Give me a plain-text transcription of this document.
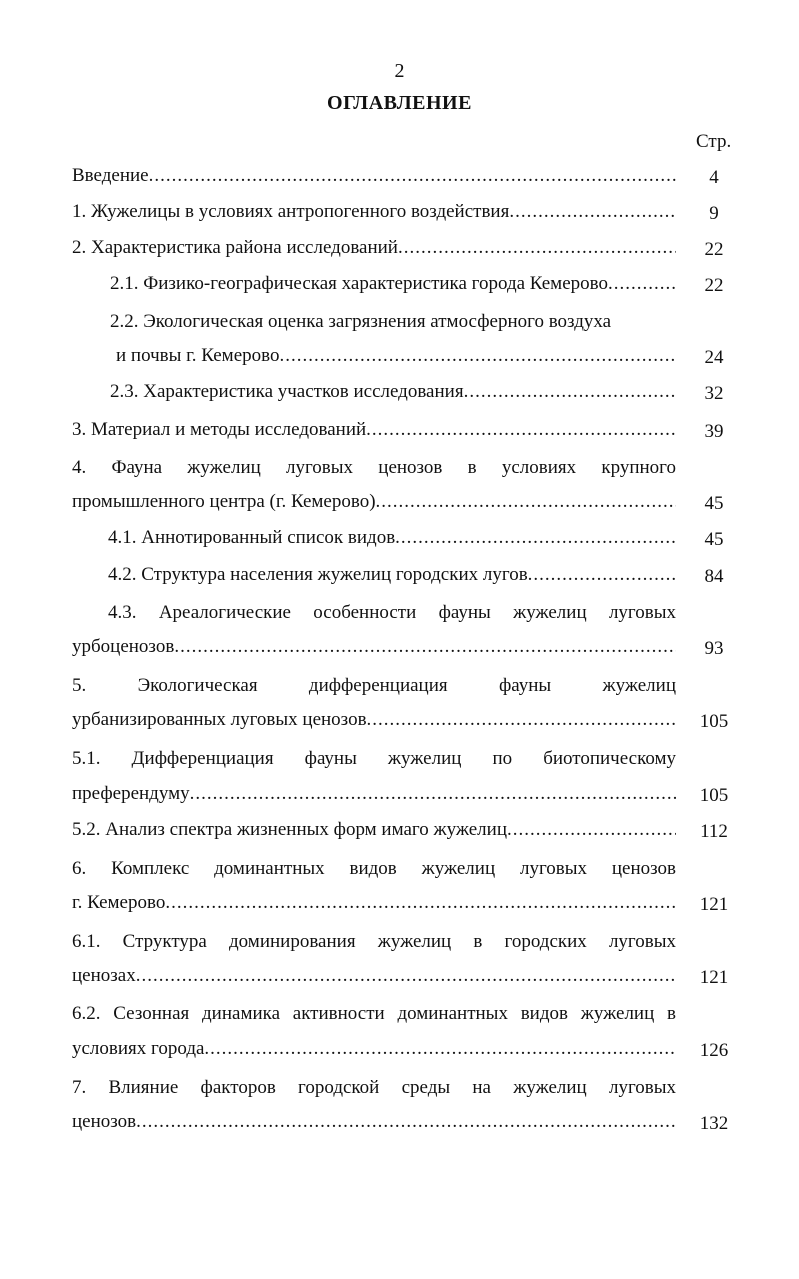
2
ОГЛАВЛЕНИЕ
Стр.
Введение .....	4
1. Жужелицы в условиях антропогенного воздействия .....	9
2. Характеристика района исследований .....	22
2.1. Физико-географическая характеристика города Кемерово .....	22
2.2. Экологическая оценка загрязнения атмосферного воздуха
и почвы г. Кемерово .....	24
2.3. Характеристика участков исследования .....	32
3. Материал и методы исследований .....	39
4. Фауна жужелиц луговых ценозов в условиях крупного
промышленного центра (г. Кемерово) .....	45
4.1. Аннотированный список видов .....	45
4.2. Структура населения жужелиц городских лугов .....	84
4.3. Ареалогические особенности фауны жужелиц луговых
урбоценозов .....	93
5. Экологическая дифференциация фауны жужелиц
урбанизированных луговых ценозов .....	105
5.1. Дифференциация фауны жужелиц по биотопическому
преферендуму .....	105
5.2. Анализ спектра жизненных форм имаго жужелиц .....	112
6. Комплекс доминантных видов жужелиц луговых ценозов
г. Кемерово .....	121
6.1. Структура доминирования жужелиц в городских луговых
ценозах .....	121
6.2. Сезонная динамика активности доминантных видов жужелиц в
условиях города .....	126
7. Влияние факторов городской среды на жужелиц луговых
ценозов .....	132
